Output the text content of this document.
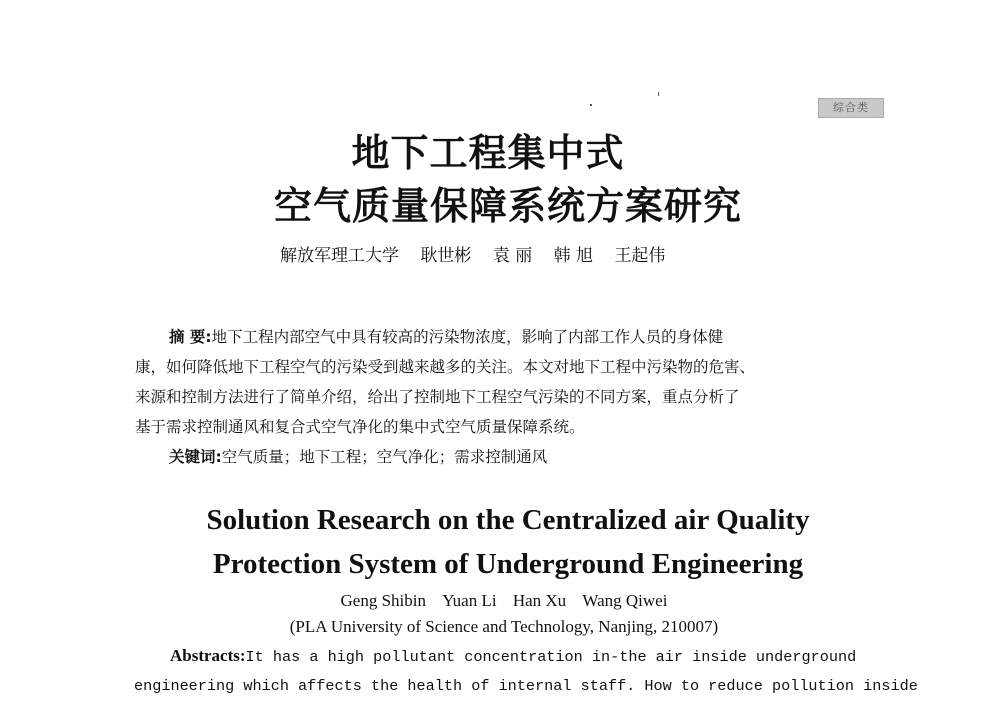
综合类
地下工程集中式
空气质量保障系统方案研究
解放军理工大学 耿世彬 袁 丽 韩 旭 王起伟
摘 要:地下工程内部空气中具有较高的污染物浓度，影响了内部工作人员的身体健
康，如何降低地下工程空气的污染受到越来越多的关注。本文对地下工程中污染物的危害、
来源和控制方法进行了简单介绍，给出了控制地下工程空气污染的不同方案，重点分析了
基于需求控制通风和复合式空气净化的集中式空气质量保障系统。
关键词:空气质量；地下工程；空气净化；需求控制通风
Solution Research on the Centralized air Quality
Protection System of Underground Engineering
Geng Shibin Yuan Li Han Xu Wang Qiwei
(PLA University of Science and Technology, Nanjing, 210007)
Abstracts:It has a high pollutant concentration in-the air inside underground
engineering which affects the health of internal staff. How to reduce pollution inside
